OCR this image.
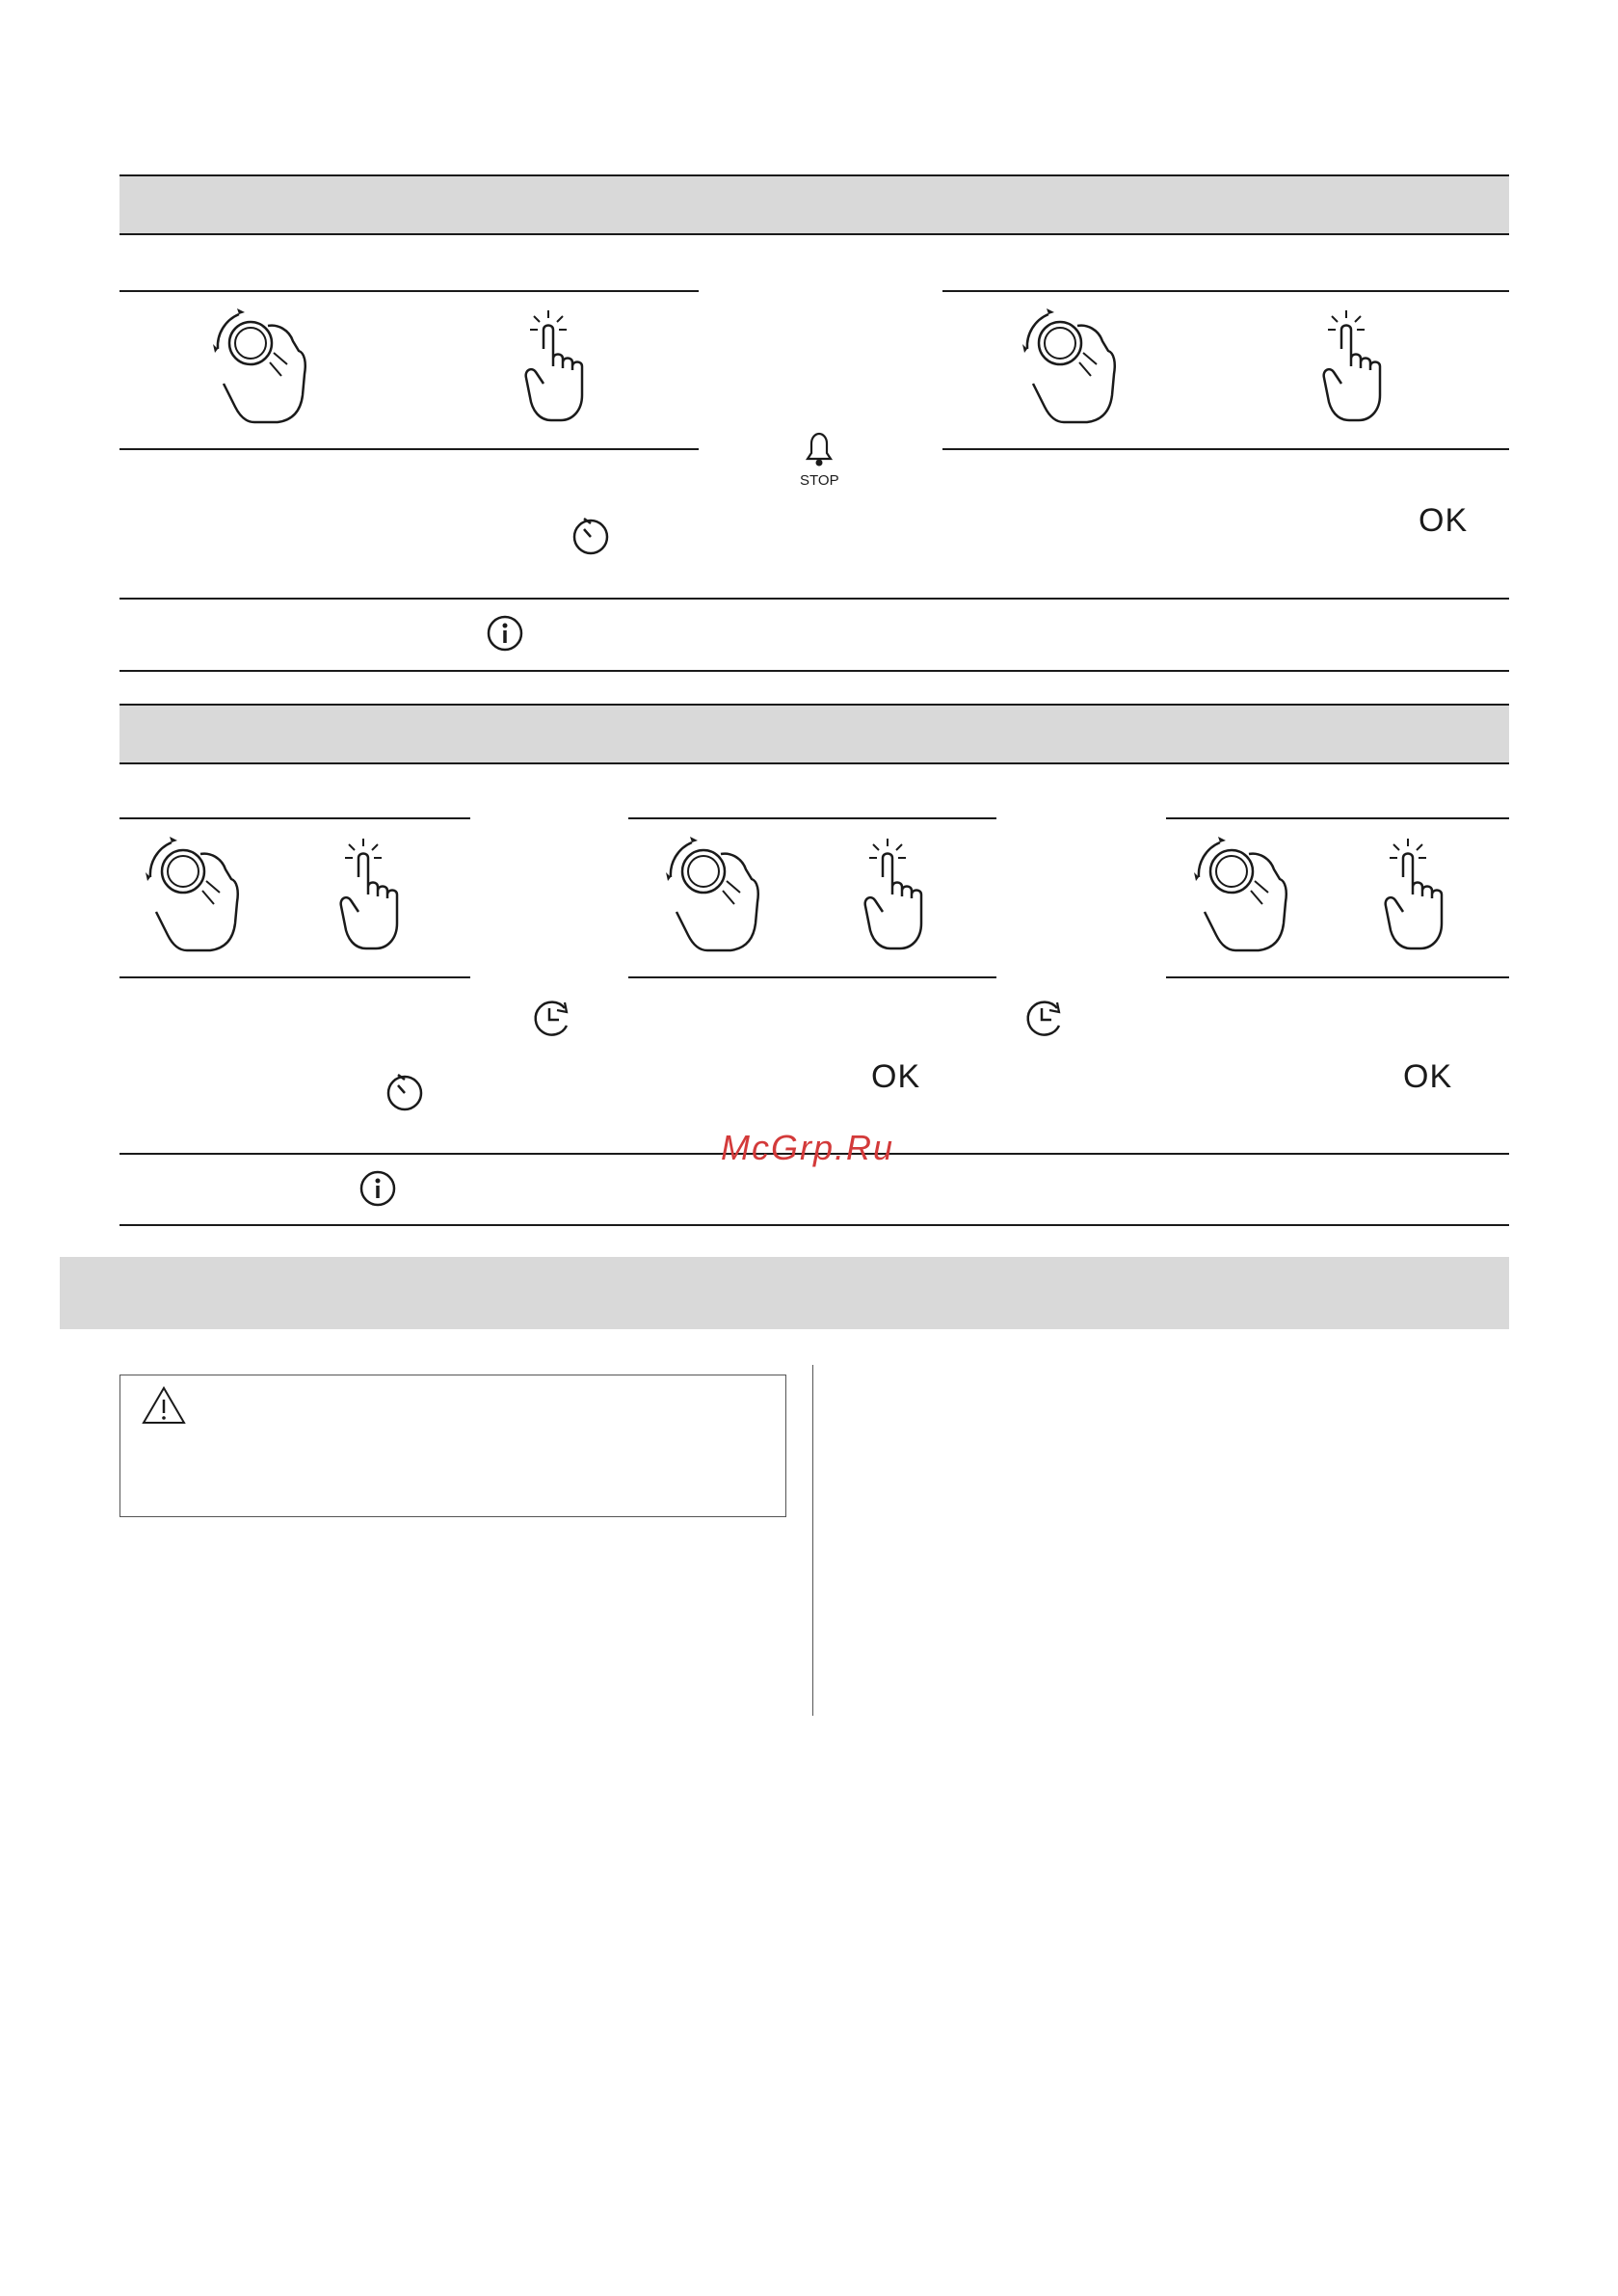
STOP
OK
OK	OK
McGrp.Ru
